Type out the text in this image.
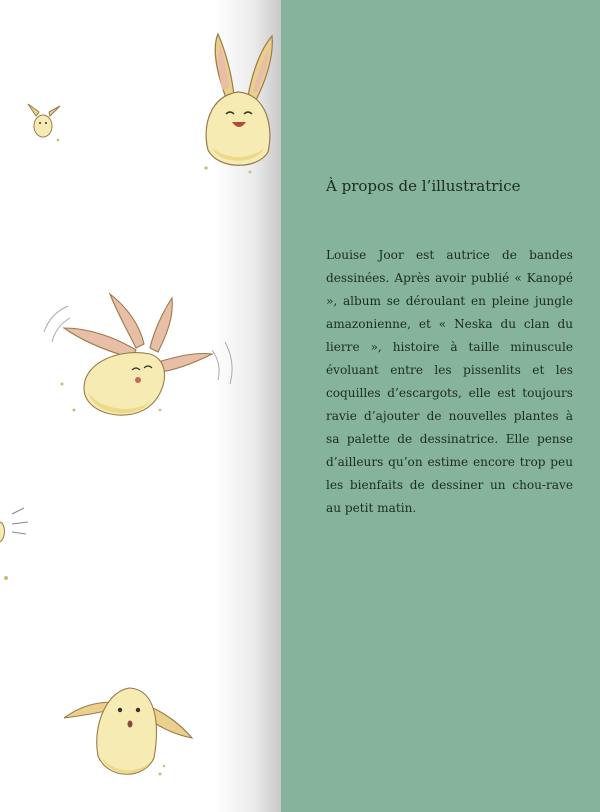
À propos de l’illustratrice

Louise Joor est autrice de bandes dessinées. Après avoir publié « Kanopé », album se déroulant en pleine jungle amazonienne, et « Neska du clan du lierre », histoire à taille minuscule évoluant entre les pissenlits et les coquilles d’escargots, elle est toujours ravie d’ajouter de nouvelles plantes à sa palette de dessinatrice. Elle pense d’ailleurs qu’on estime encore trop peu les bienfaits de dessiner un chou-rave au petit matin.
